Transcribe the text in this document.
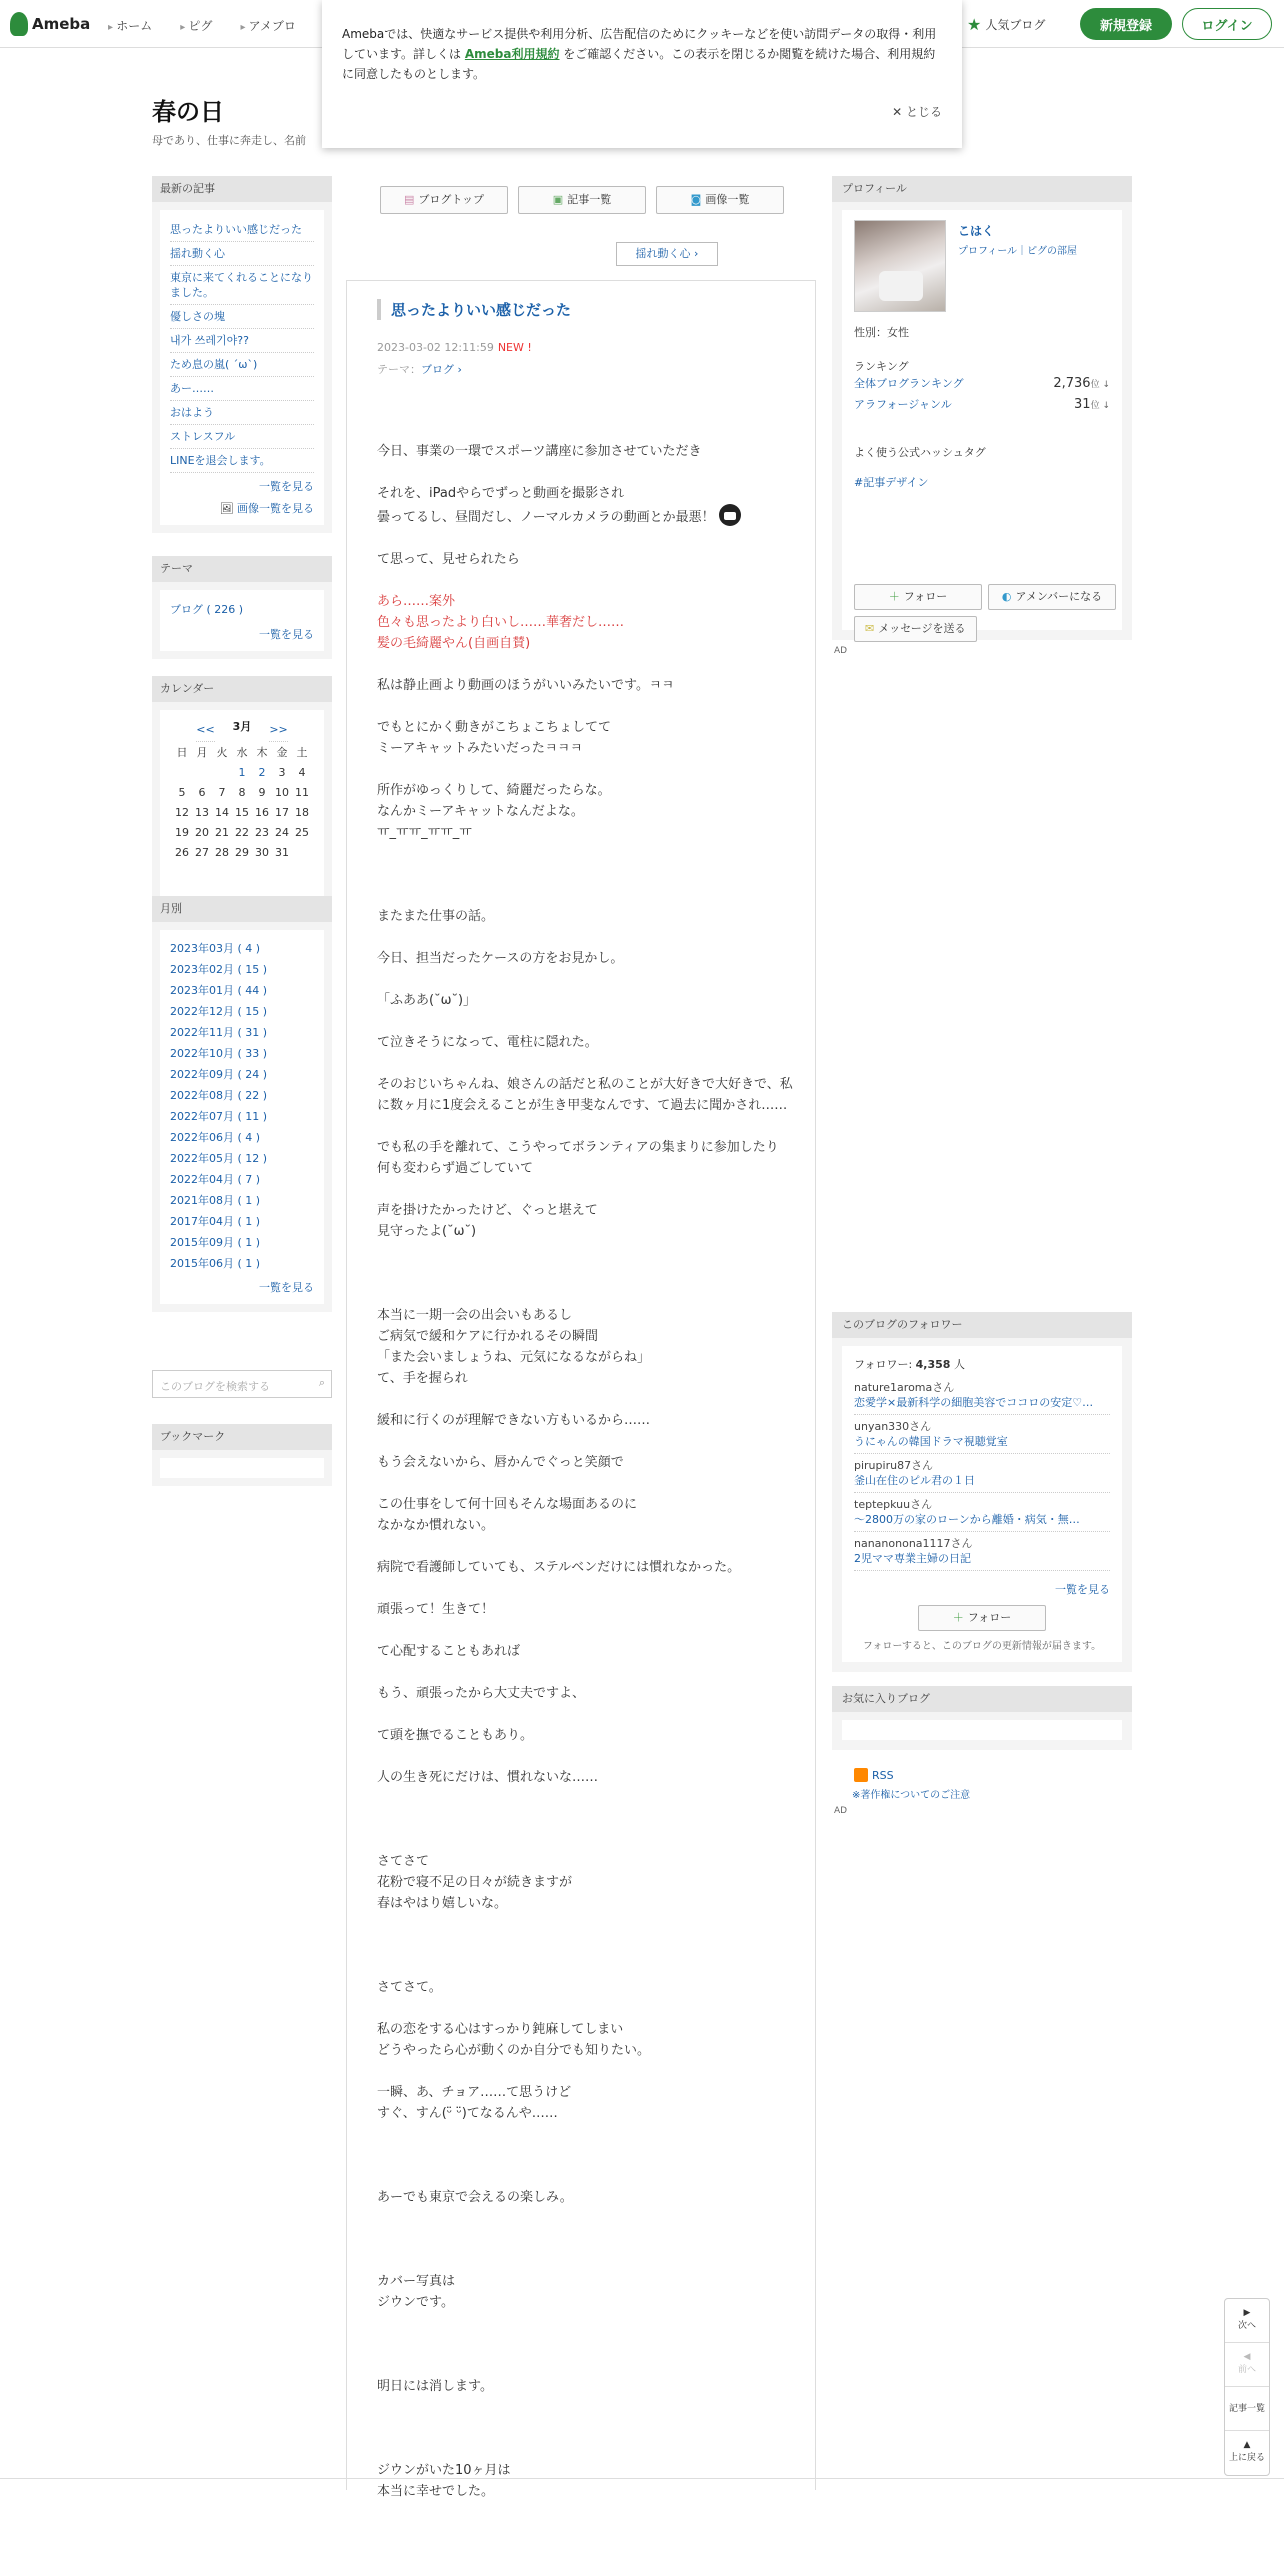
Ameba	▸ ホーム	▸ ピグ	▸ アメブロ	★ 人気ブログ	新規登録	ログイン
Amebaでは、快適なサービス提供や利用分析、広告配信のためにクッキーなどを使い訪問データの取得・利用しています。詳しくは Ameba利用規約 をご確認ください。この表示を閉じるか閲覧を続けた場合、利用規約に同意したものとします。
✕ とじる
春の日
母であり、仕事に奔走し、名前
最新の記事
思ったよりいい感じだった
揺れ動く心
東京に来てくれることになりました。
優しさの塊
내가 쓰레기야??
ため息の嵐( ´ω`)
あー……
おはよう
ストレスフル
LINEを退会します。
一覧を見る
🖼 画像一覧を見る
テーマ
ブログ ( 226 )
一覧を見る
カレンダー
<< 3月 >>
日	月	火	水	木	金	土
			1	2	3	4
5	6	7	8	9	10	11
12	13	14	15	16	17	18
19	20	21	22	23	24	25
26	27	28	29	30	31	
月別
2023年03月 ( 4 )
2023年02月 ( 15 )
2023年01月 ( 44 )
2022年12月 ( 15 )
2022年11月 ( 31 )
2022年10月 ( 33 )
2022年09月 ( 24 )
2022年08月 ( 22 )
2022年07月 ( 11 )
2022年06月 ( 4 )
2022年05月 ( 12 )
2022年04月 ( 7 )
2021年08月 ( 1 )
2017年04月 ( 1 )
2015年09月 ( 1 )
2015年06月 ( 1 )
一覧を見る
このブログを検索する	⌕
ブックマーク
▤ ブログトップ	▣ 記事一覧	◙ 画像一覧
揺れ動く心 ›
思ったよりいい感じだった
2023-03-02 12:11:59 NEW !
テーマ：ブログ ›

今日、事業の一環でスポーツ講座に参加させていただき

それを、iPadやらでずっと動画を撮影され
曇ってるし、昼間だし、ノーマルカメラの動画とか最悪！

て思って、見せられたら

あら……案外
色々も思ったより白いし……華奢だし……
髪の毛綺麗やん(自画自賛)

私は静止画より動画のほうがいいみたいです。ㅋㅋ

でもとにかく動きがこちょこちょしてて
ミーアキャットみたいだったㅋㅋㅋ

所作がゆっくりして、綺麗だったらな。
なんかミーアキャットなんだよな。
ㅠ_ㅠㅠ_ㅠㅠ_ㅠ

またまた仕事の話。

今日、担当だったケースの方をお見かし。

「ふああ(˘ω˘)」

て泣きそうになって、電柱に隠れた。

そのおじいちゃんね、娘さんの話だと私のことが大好きで大好きで、私に数ヶ月に1度会えることが生き甲斐なんです、て過去に聞かされ……

でも私の手を離れて、こうやってボランティアの集まりに参加したり
何も変わらず過ごしていて

声を掛けたかったけど、ぐっと堪えて
見守ったよ(˘ω˘)

本当に一期一会の出会いもあるし
ご病気で緩和ケアに行かれるその瞬間
「また会いましょうね、元気になるながらね」
て、手を握られ

緩和に行くのが理解できない方もいるから……

もう会えないから、唇かんでぐっと笑顔で

この仕事をして何十回もそんな場面あるのに
なかなか慣れない。

病院で看護師していても、ステルベンだけには慣れなかった。

頑張って！生きて！

て心配することもあれば

もう、頑張ったから大丈夫ですよ、

て頭を撫でることもあり。

人の生き死にだけは、慣れないな……

さてさて
花粉で寝不足の日々が続きますが
春はやはり嬉しいな。

さてさて。

私の恋をする心はすっかり鈍麻してしまい
どうやったら心が動くのか自分でも知りたい。

一瞬、あ、チョア……て思うけど
すぐ、すん(ᵕ̈ ᵕ̈)てなるんや……

あーでも東京で会えるの楽しみ。

カバー写真は
ジウンです。

明日には消します。

ジウンがいた10ヶ月は
本当に幸せでした。

プロフィール
こはく
プロフィール｜ピグの部屋
性別：女性
ランキング
全体ブログランキング	2,736位 ↓
アラフォージャンル	31位 ↓
よく使う公式ハッシュタグ
#記事デザイン
＋ フォロー	◐ アメンバーになる
✉ メッセージを送る
AD
このブログのフォロワー
フォロワー: 4,358 人
nature1aromaさん
恋愛学×最新科学の細胞美容でココロの安定♡…
unyan330さん
うにゃんの韓国ドラマ視聴覚室
pirupiru87さん
釜山在住のピル君の１日
teptepkuuさん
〜2800万の家のローンから離婚・病気・無…
nananonona1117さん
2児ママ専業主婦の日記
一覧を見る
＋ フォロー
フォローすると、このブログの更新情報が届きます。
お気に入りブログ
RSS
※著作権についてのご注意
AD
▶
次へ
◀
前へ
記事一覧
▲
上に戻る
